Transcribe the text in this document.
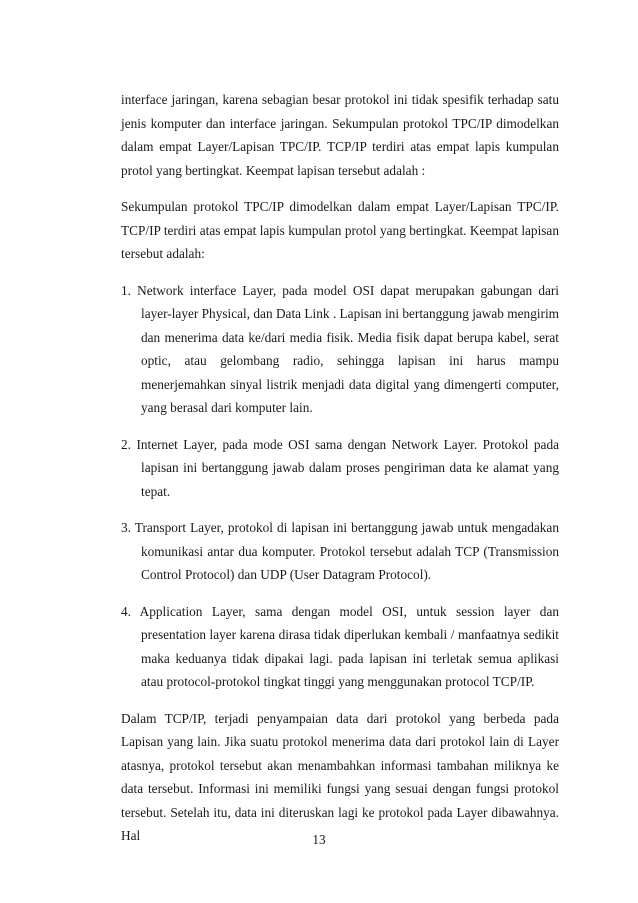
interface jaringan, karena sebagian besar protokol ini tidak spesifik terhadap satu jenis komputer dan interface jaringan. Sekumpulan protokol TPC/IP dimodelkan dalam empat Layer/Lapisan TPC/IP. TCP/IP terdiri atas empat lapis kumpulan protol yang bertingkat. Keempat lapisan tersebut adalah :

Sekumpulan protokol TPC/IP dimodelkan dalam empat Layer/Lapisan TPC/IP. TCP/IP terdiri atas empat lapis kumpulan protol yang bertingkat. Keempat lapisan tersebut adalah:

1. Network interface Layer, pada model OSI dapat merupakan gabungan dari layer-layer Physical, dan Data Link . Lapisan ini bertanggung jawab mengirim dan menerima data ke/dari media fisik. Media fisik dapat berupa kabel, serat optic, atau gelombang radio, sehingga lapisan ini harus mampu menerjemahkan sinyal listrik menjadi data digital yang dimengerti computer, yang berasal dari komputer lain.
2. Internet Layer, pada mode OSI sama dengan Network Layer. Protokol pada lapisan ini bertanggung jawab dalam proses pengiriman data ke alamat yang tepat.
3. Transport Layer, protokol di lapisan ini bertanggung jawab untuk mengadakan komunikasi antar dua komputer. Protokol tersebut adalah TCP (Transmission Control Protocol) dan UDP (User Datagram Protocol).
4. Application Layer, sama dengan model OSI, untuk session layer dan presentation layer karena dirasa tidak diperlukan kembali / manfaatnya sedikit maka keduanya tidak dipakai lagi. pada lapisan ini terletak semua aplikasi atau protocol-protokol tingkat tinggi yang menggunakan protocol TCP/IP.

Dalam TCP/IP, terjadi penyampaian data dari protokol yang berbeda pada Lapisan yang lain. Jika suatu protokol menerima data dari protokol lain di Layer atasnya, protokol tersebut akan menambahkan informasi tambahan miliknya ke data tersebut. Informasi ini memiliki fungsi yang sesuai dengan fungsi protokol tersebut. Setelah itu, data ini diteruskan lagi ke protokol pada Layer dibawahnya. Hal	13
